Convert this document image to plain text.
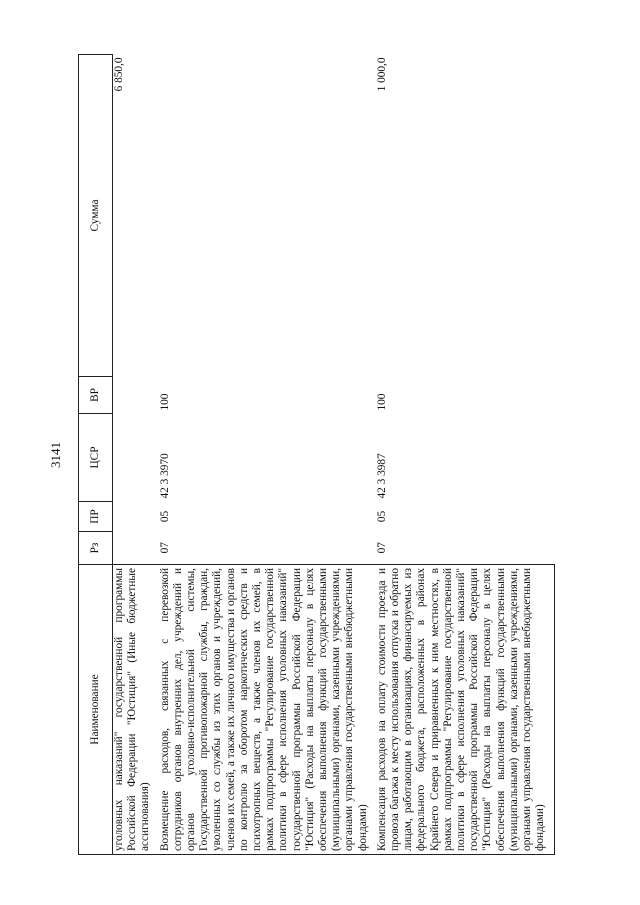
3141
Наименование	Рз	ПР	ЦСР	ВР	Сумма
уголовных наказаний" государственной программы Российской Федерации "Юстиция" (Иные бюджетные ассигнования)					6 850,0
Возмещение расходов, связанных с перевозкой сотрудников органов внутренних дел, учреждений и органов уголовно-исполнительной системы, Государственной противопожарной службы, граждан, уволенных со службы из этих органов и учреждений, членов их семей, а также их личного имущества и органов по контролю за оборотом наркотических средств и психотропных веществ, а также членов их семей, в рамках подпрограммы "Регулирование государственной политики в сфере исполнения уголовных наказаний" государственной программы Российской Федерации "Юстиция" (Расходы на выплаты персоналу в целях обеспечения выполнения функций государственными (муниципальными) органами, казенными учреждениями, органами управления государственными внебюджетными фондами)	07	05	42 3 3970	100	
Компенсация расходов на оплату стоимости проезда и провоза багажа к месту использования отпуска и обратно лицам, работающим в организациях, финансируемых из федерального бюджета, расположенных в районах Крайнего Севера и приравненных к ним местностях, в рамках подпрограммы "Регулирование государственной политики в сфере исполнения уголовных наказаний" государственной программы Российской Федерации "Юстиция" (Расходы на выплаты персоналу в целях обеспечения выполнения функций государственными (муниципальными) органами, казенными учреждениями, органами управления государственными внебюджетными фондами)	07	05	42 3 3987	100	1 000,0
